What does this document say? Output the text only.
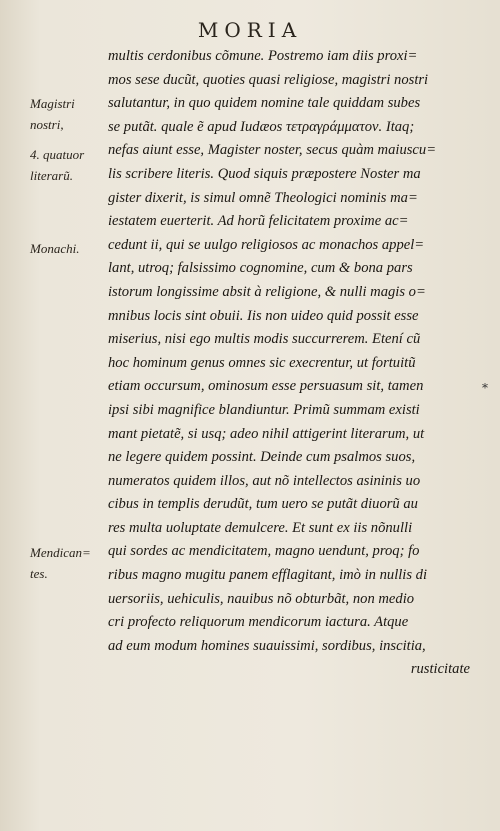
MORIA
multis cerdonibus cõmune. Postremo iam diis proxi=
mos sese ducũt, quoties quasi religiose, magistri nostri
salutantur, in quo quidem nomine tale quiddam subes
se putãt. quale ẽ apud Iudæos τετραγράμματον. Itaq;
nefas aiunt esse, Magister noster, secus quàm maiuscu=
lis scribere literis. Quod siquis præpostere Noster ma
gister dixerit, is simul omnẽ Theologici nominis ma=
iestatem euerterit. Ad horũ felicitatem proxime ac=
cedunt ii, qui se uulgo religiosos ac monachos appel=
lant, utroq; falsissimo cognomine, cum & bona pars
istorum longissime absit à religione, & nulli magis o=
mnibus locis sint obuii. Iis non uideo quid possit esse
miserius, nisi ego multis modis succurrerem. Etení cũ
hoc hominum genus omnes sic execrentur, ut fortuitũ
etiam occursum, ominosum esse persuasum sit, tamen
ipsi sibi magnifice blandiuntur. Primũ summam existi
mant pietatẽ, si usq; adeo nihil attigerint literarum, ut
ne legere quidem possint. Deinde cum psalmos suos,
numeratos quidem illos, aut nõ intellectos asininis uo
cibus in templis derudũt, tum uero se putãt diuorũ au
res multa uoluptate demulcere. Et sunt ex iis nõnulli
qui sordes ac mendicitatem, magno uendunt, proq; fo
ribus magno mugitu panem efflagitant, imò in nullis di
uersoriis, uehiculis, nauibus nõ obturbãt, non medio
cri profecto reliquorum mendicorum iactura. Atque
ad eum modum homines suauissimi, sordibus, inscitia,
rusticitate
Magistri nostri,
4. quatuor literarũ.
Monachi.
Mendican= tes.
*
